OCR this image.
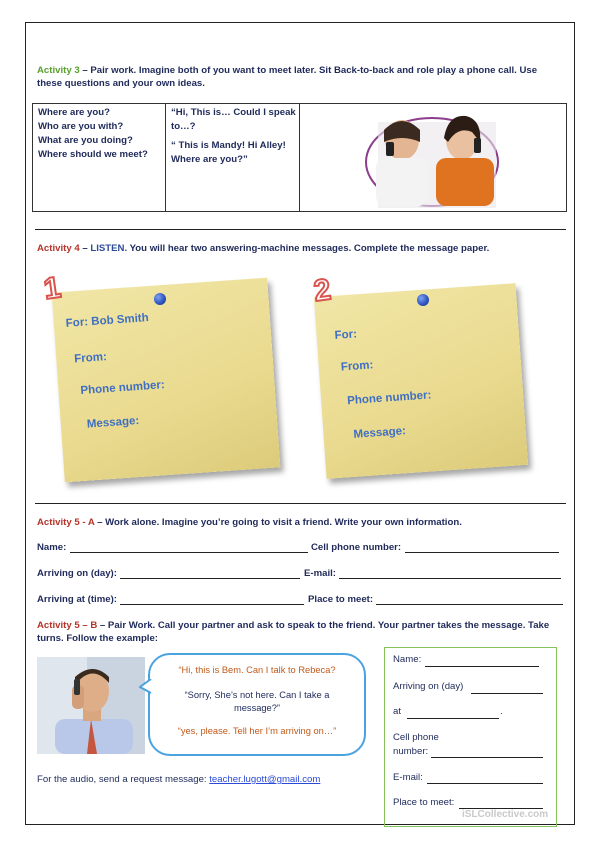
Activity 3 – Pair work. Imagine both of you want to meet later. Sit Back-to-back and role play a phone call. Use
these questions and your own ideas.
Where are you?
Who are you with?
What are you doing?
Where should we meet?
“Hi, This is… Could I speak
to…?
“ This is Mandy! Hi Alley!
Where are you?”
Activity 4 – LISTEN. You will hear two answering-machine messages. Complete the message paper.
For: Bob Smith
From:
Phone number:
Message:
1
For:
From:
Phone number:
Message:
2
Activity 5 - A – Work alone. Imagine you’re going to visit a friend. Write your own information.
Name:	Cell phone number:
Arriving on (day):	E-mail:
Arriving at (time):	Place to meet:
Activity 5 – B – Pair Work. Call your partner and ask to speak to the friend. Your partner takes the message. Take
turns. Follow the example:
“Hi, this is Bem. Can I talk to Rebeca?
“Sorry, She’s not here. Can I take a
message?”
“yes, please. Tell her I’m arriving on…”
For the audio, send a request message: teacher.lugott@gmail.com
Name:
Arriving on (day)
at	.
Cell phone
number:
E-mail:
Place to meet:
iSLCollective.com
